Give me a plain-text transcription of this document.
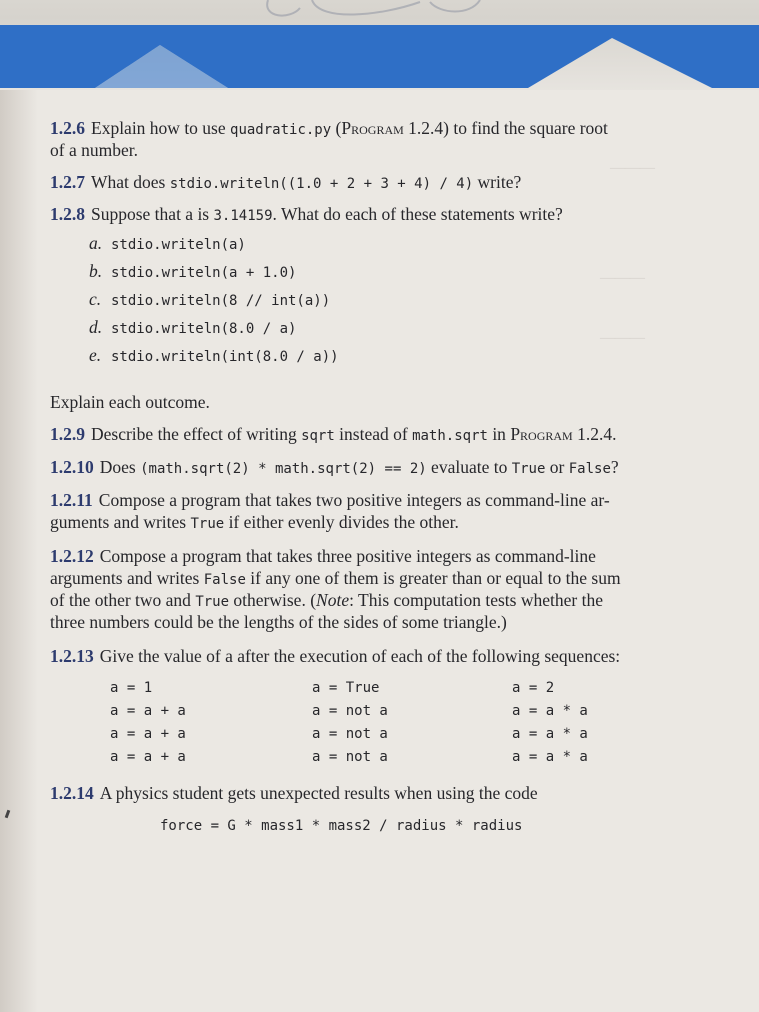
———
———
———
1.2.6 Explain how to use quadratic.py (Program 1.2.4) to find the square root
of a number.
1.2.7 What does stdio.writeln((1.0 + 2 + 3 + 4) / 4) write?
1.2.8 Suppose that a is 3.14159. What do each of these statements write?
a. stdio.writeln(a)
b. stdio.writeln(a + 1.0)
c. stdio.writeln(8 // int(a))
d. stdio.writeln(8.0 / a)
e. stdio.writeln(int(8.0 / a))
Explain each outcome.
1.2.9 Describe the effect of writing sqrt instead of math.sqrt in Program 1.2.4.
1.2.10 Does (math.sqrt(2) * math.sqrt(2) == 2) evaluate to True or False?
1.2.11 Compose a program that takes two positive integers as command-line ar-
guments and writes True if either evenly divides the other.
1.2.12 Compose a program that takes three positive integers as command-line
arguments and writes False if any one of them is greater than or equal to the sum
of the other two and True otherwise. (Note: This computation tests whether the
three numbers could be the lengths of the sides of some triangle.)
1.2.13 Give the value of a after the execution of each of the following sequences:
a = 1
a = a + a
a = a + a
a = a + a
a = True
a = not a
a = not a
a = not a
a = 2
a = a * a
a = a * a
a = a * a
1.2.14 A physics student gets unexpected results when using the code
force = G * mass1 * mass2 / radius * radius
